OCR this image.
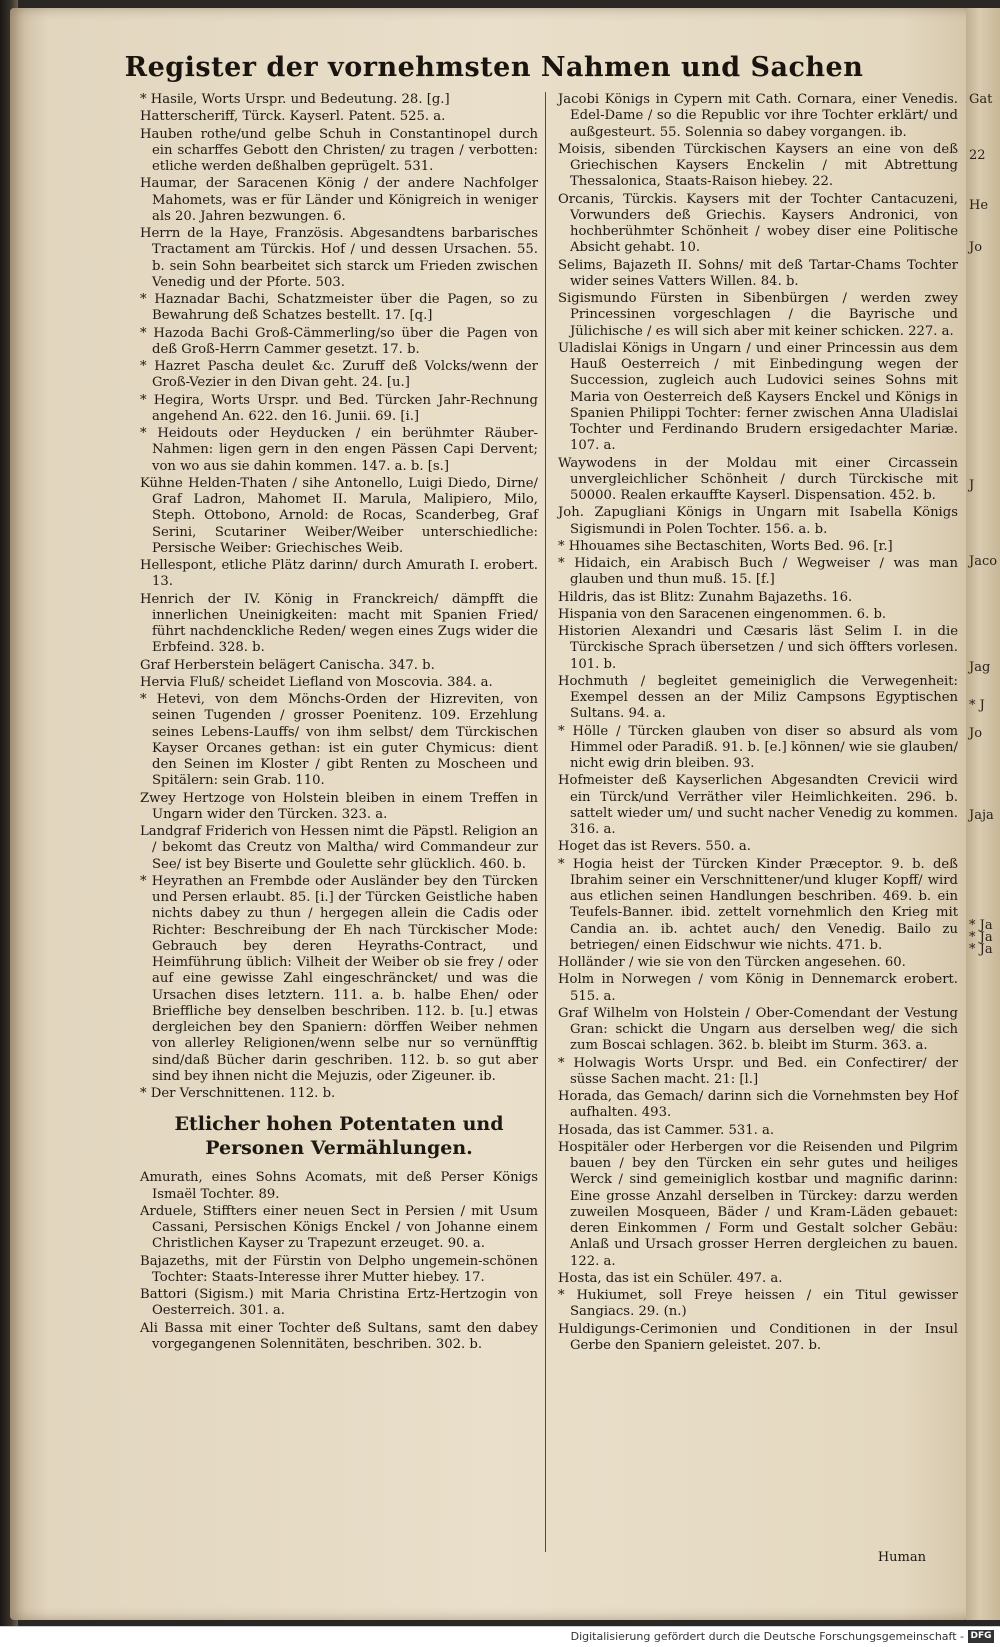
Register der vornehmsten Nahmen und Sachen

* Hasile, Worts Urspr. und Bedeutung. 28. [g.]

Hatterscheriff, Türck. Kayserl. Patent. 525. a.

Hauben rothe/und gelbe Schuh in Constantinopel durch ein scharffes Gebott den Christen/ zu tragen / verbotten: etliche werden deßhalben geprügelt. 531.

Haumar, der Saracenen König / der andere Nachfolger Mahomets, was er für Länder und Königreich in weniger als 20. Jahren bezwungen. 6.

Herrn de la Haye, Französis. Abgesandtens barbarisches Tractament am Türckis. Hof / und dessen Ursachen. 55. b. sein Sohn bearbeitet sich starck um Frieden zwischen Venedig und der Pforte. 503.

* Haznadar Bachi, Schatzmeister über die Pagen, so zu Bewahrung deß Schatzes bestellt. 17. [q.]

* Hazoda Bachi Groß-Cämmerling/so über die Pagen von deß Groß-Herrn Cammer gesetzt. 17. b.

* Hazret Pascha deulet &c. Zuruff deß Volcks/wenn der Groß-Vezier in den Divan geht. 24. [u.]

* Hegira, Worts Urspr. und Bed. Türcken Jahr-Rechnung angehend An. 622. den 16. Junii. 69. [i.]

* Heidouts oder Heyducken / ein berühmter Räuber-Nahmen: ligen gern in den engen Pässen Capi Dervent; von wo aus sie dahin kommen. 147. a. b. [s.]

Kühne Helden-Thaten / sihe Antonello, Luigi Diedo, Dirne/ Graf Ladron, Mahomet II. Marula, Malipiero, Milo, Steph. Ottobono, Arnold: de Rocas, Scanderbeg, Graf Serini, Scutariner Weiber/Weiber unterschiedliche: Persische Weiber: Griechisches Weib.

Hellespont, etliche Plätz darinn/ durch Amurath I. erobert. 13.

Henrich der IV. König in Franckreich/ dämpfft die innerlichen Uneinigkeiten: macht mit Spanien Fried/ führt nachdenckliche Reden/ wegen eines Zugs wider die Erbfeind. 328. b.

Graf Herberstein belägert Canischa. 347. b.

Hervia Fluß/ scheidet Liefland von Moscovia. 384. a.

* Hetevi, von dem Mönchs-Orden der Hizreviten, von seinen Tugenden / grosser Poenitenz. 109. Erzehlung seines Lebens-Lauffs/ von ihm selbst/ dem Türckischen Kayser Orcanes gethan: ist ein guter Chymicus: dient den Seinen im Kloster / gibt Renten zu Moscheen und Spitälern: sein Grab. 110.

Zwey Hertzoge von Holstein bleiben in einem Treffen in Ungarn wider den Türcken. 323. a.

Landgraf Friderich von Hessen nimt die Päpstl. Religion an / bekomt das Creutz von Maltha/ wird Commandeur zur See/ ist bey Biserte und Goulette sehr glücklich. 460. b.

* Heyrathen an Frembde oder Ausländer bey den Türcken und Persen erlaubt. 85. [i.] der Türcken Geistliche haben nichts dabey zu thun / hergegen allein die Cadis oder Richter: Beschreibung der Eh nach Türckischer Mode: Gebrauch bey deren Heyraths-Contract, und Heimführung üblich: Vilheit der Weiber ob sie frey / oder auf eine gewisse Zahl eingeschräncket/ und was die Ursachen dises letztern. 111. a. b. halbe Ehen/ oder Brieffliche bey denselben beschriben. 112. b. [u.] etwas dergleichen bey den Spaniern: dörffen Weiber nehmen von allerley Religionen/wenn selbe nur so vernünfftig sind/daß Bücher darin geschriben. 112. b. so gut aber sind bey ihnen nicht die Mejuzis, oder Zigeuner. ib.

* Der Verschnittenen. 112. b.

Etlicher hohen Potentaten und Personen Vermählungen.

Amurath, eines Sohns Acomats, mit deß Perser Königs Ismaël Tochter. 89.

Arduele, Stiffters einer neuen Sect in Persien / mit Usum Cassani, Persischen Königs Enckel / von Johanne einem Christlichen Kayser zu Trapezunt erzeuget. 90. a.

Bajazeths, mit der Fürstin von Delpho ungemein-schönen Tochter: Staats-Interesse ihrer Mutter hiebey. 17.

Battori (Sigism.) mit Maria Christina Ertz-Hertzogin von Oesterreich. 301. a.

Ali Bassa mit einer Tochter deß Sultans, samt den dabey vorgegangenen Solennitäten, beschriben. 302. b.

Jacobi Königs in Cypern mit Cath. Cornara, einer Venedis. Edel-Dame / so die Republic vor ihre Tochter erklärt/ und außgesteurt. 55. Solennia so dabey vorgangen. ib.

Moisis, sibenden Türckischen Kaysers an eine von deß Griechischen Kaysers Enckelin / mit Abtrettung Thessalonica, Staats-Raison hiebey. 22.

Orcanis, Türckis. Kaysers mit der Tochter Cantacuzeni, Vorwunders deß Griechis. Kaysers Andronici, von hochberühmter Schönheit / wobey diser eine Politische Absicht gehabt. 10.

Selims, Bajazeth II. Sohns/ mit deß Tartar-Chams Tochter wider seines Vatters Willen. 84. b.

Sigismundo Fürsten in Sibenbürgen / werden zwey Princessinen vorgeschlagen / die Bayrische und Jülichische / es will sich aber mit keiner schicken. 227. a.

Uladislai Königs in Ungarn / und einer Princessin aus dem Hauß Oesterreich / mit Einbedingung wegen der Succession, zugleich auch Ludovici seines Sohns mit Maria von Oesterreich deß Kaysers Enckel und Königs in Spanien Philippi Tochter: ferner zwischen Anna Uladislai Tochter und Ferdinando Brudern ersigedachter Mariæ. 107. a.

Waywodens in der Moldau mit einer Circassein unvergleichlicher Schönheit / durch Türckische mit 50000. Realen erkauffte Kayserl. Dispensation. 452. b.

Joh. Zapugliani Königs in Ungarn mit Isabella Königs Sigismundi in Polen Tochter. 156. a. b.

* Hhouames sihe Bectaschiten, Worts Bed. 96. [r.]

* Hidaich, ein Arabisch Buch / Wegweiser / was man glauben und thun muß. 15. [f.]

Hildris, das ist Blitz: Zunahm Bajazeths. 16.

Hispania von den Saracenen eingenommen. 6. b.

Historien Alexandri und Cæsaris läst Selim I. in die Türckische Sprach übersetzen / und sich öffters vorlesen. 101. b.

Hochmuth / begleitet gemeiniglich die Verwegenheit: Exempel dessen an der Miliz Campsons Egyptischen Sultans. 94. a.

* Hölle / Türcken glauben von diser so absurd als vom Himmel oder Paradiß. 91. b. [e.] können/ wie sie glauben/ nicht ewig drin bleiben. 93.

Hofmeister deß Kayserlichen Abgesandten Crevicii wird ein Türck/und Verräther viler Heimlichkeiten. 296. b. sattelt wieder um/ und sucht nacher Venedig zu kommen. 316. a.

Hoget das ist Revers. 550. a.

* Hogia heist der Türcken Kinder Præceptor. 9. b. deß Ibrahim seiner ein Verschnittener/und kluger Kopff/ wird aus etlichen seinen Handlungen beschriben. 469. b. ein Teufels-Banner. ibid. zettelt vornehmlich den Krieg mit Candia an. ib. achtet auch/ den Venedig. Bailo zu betriegen/ einen Eidschwur wie nichts. 471. b.

Holländer / wie sie von den Türcken angesehen. 60.

Holm in Norwegen / vom König in Dennemarck erobert. 515. a.

Graf Wilhelm von Holstein / Ober-Comendant der Vestung Gran: schickt die Ungarn aus derselben weg/ die sich zum Boscai schlagen. 362. b. bleibt im Sturm. 363. a.

* Holwagis Worts Urspr. und Bed. ein Confectirer/ der süsse Sachen macht. 21: [l.]

Horada, das Gemach/ darinn sich die Vornehmsten bey Hof aufhalten. 493.

Hosada, das ist Cammer. 531. a.

Hospitäler oder Herbergen vor die Reisenden und Pilgrim bauen / bey den Türcken ein sehr gutes und heiliges Werck / sind gemeiniglich kostbar und magnific darinn: Eine grosse Anzahl derselben in Türckey: darzu werden zuweilen Mosqueen, Bäder / und Kram-Läden gebauet: deren Einkommen / Form und Gestalt solcher Gebäu: Anlaß und Ursach grosser Herren dergleichen zu bauen. 122. a.

Hosta, das ist ein Schüler. 497. a.

* Hukiumet, soll Freye heissen / ein Titul gewisser Sangiacs. 29. (n.)

Huldigungs-Cerimonien und Conditionen in der Insul Gerbe den Spaniern geleistet. 207. b.

Human
Gat
22
He
Jo
J
Jaco
Jag
* J
Jo
Jaja
* Ja
* Ja
* Ja
Digitalisierung gefördert durch die Deutsche Forschungsgemeinschaft - DFG
